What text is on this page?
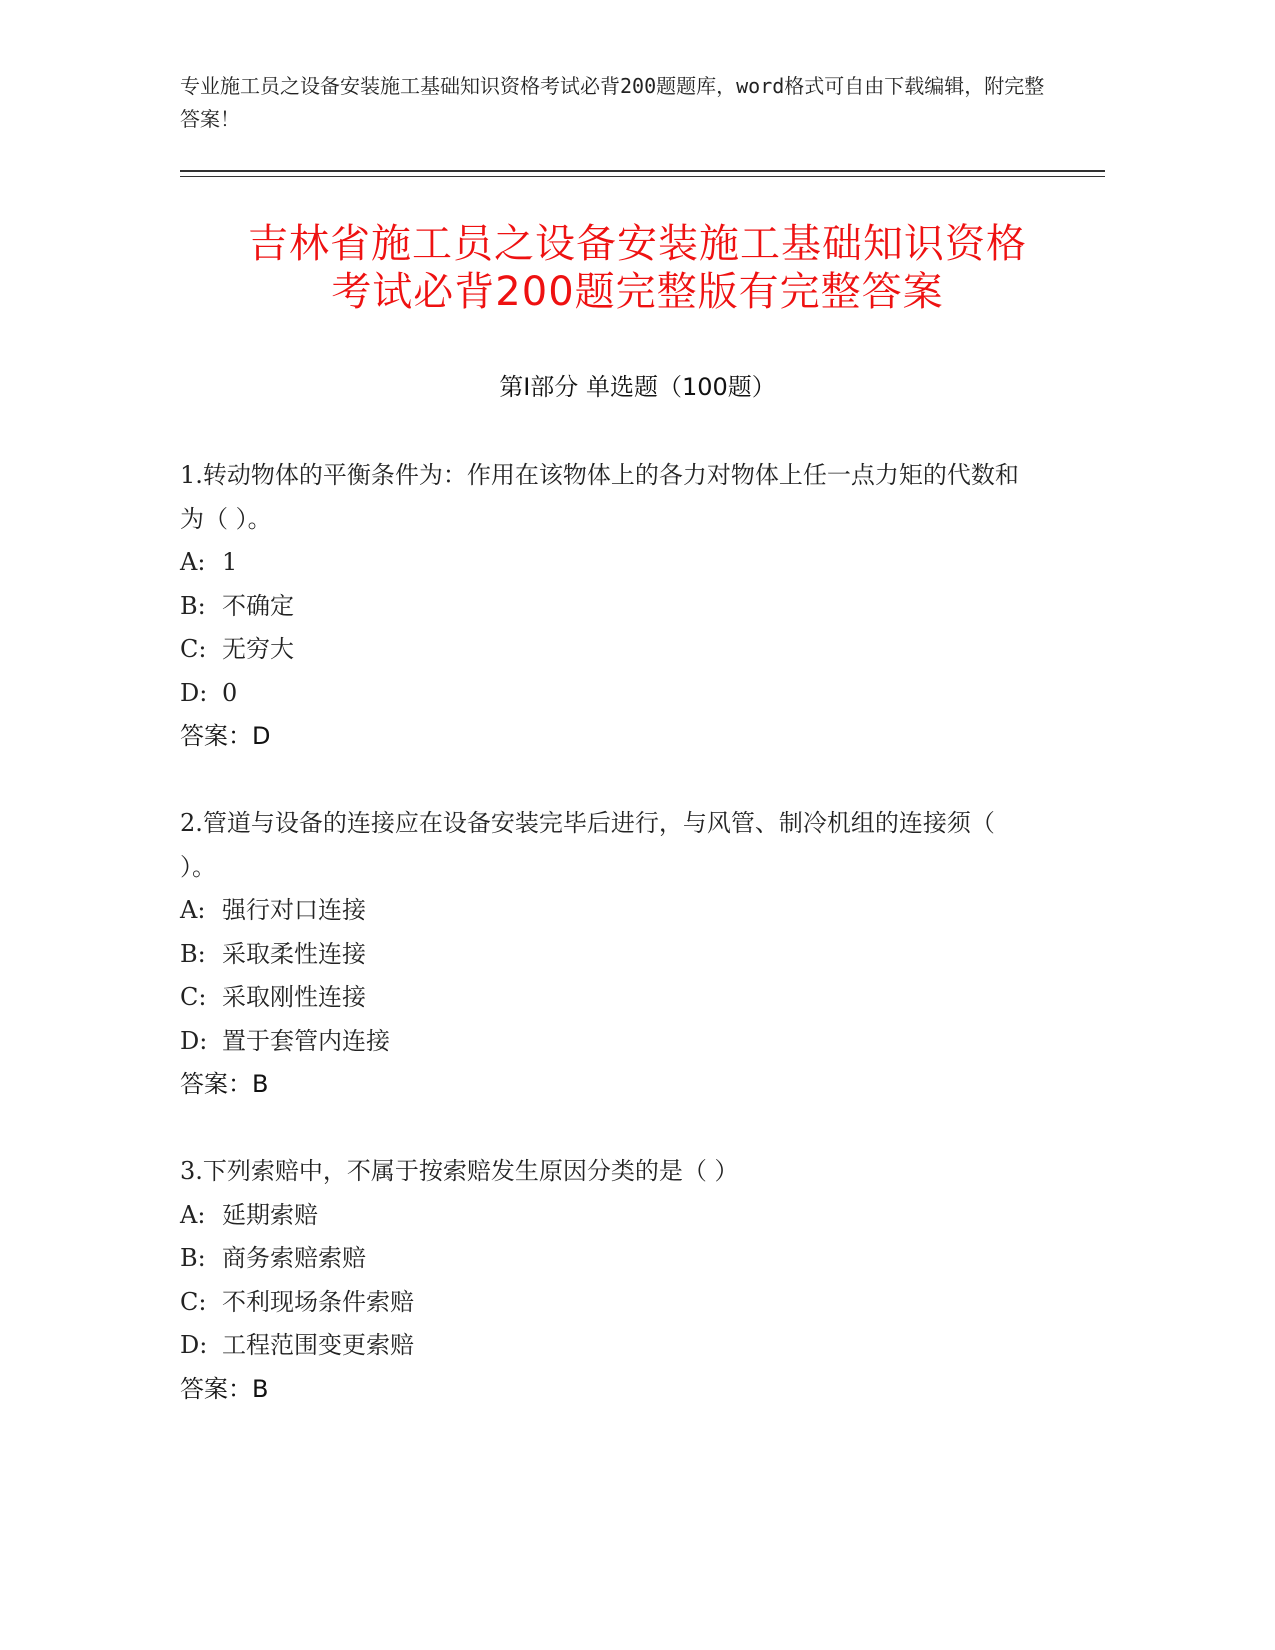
专业施工员之设备安装施工基础知识资格考试必背200题题库，word格式可自由下载编辑，附完整答案！
吉林省施工员之设备安装施工基础知识资格
考试必背200题完整版有完整答案
第Ⅰ部分 单选题（100题）
1.转动物体的平衡条件为：作用在该物体上的各力对物体上任一点力矩的代数和为（ ）。
A: 1
B: 不确定
C: 无穷大
D: 0
答案：D
2.管道与设备的连接应在设备安装完毕后进行，与风管、制冷机组的连接须（ ）。
A: 强行对口连接
B: 采取柔性连接
C: 采取刚性连接
D: 置于套管内连接
答案：B
3.下列索赔中，不属于按索赔发生原因分类的是（ ）
A: 延期索赔
B: 商务索赔索赔
C: 不利现场条件索赔
D: 工程范围变更索赔
答案：B
